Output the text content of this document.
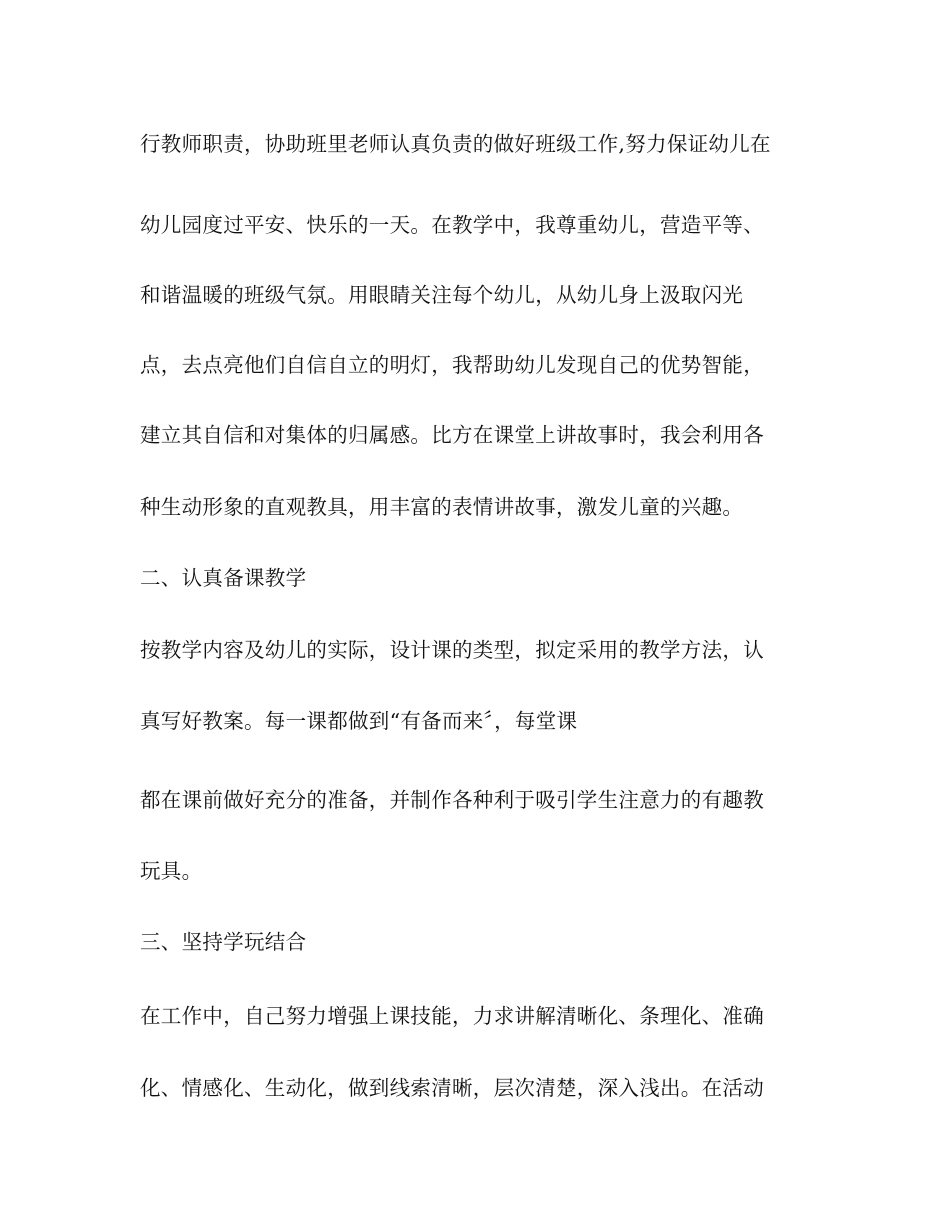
行教师职责，协助班里老师认真负责的做好班级工作,努力保证幼儿在
幼儿园度过平安、快乐的一天。在教学中，我尊重幼儿，营造平等、
和谐温暖的班级气氛。用眼睛关注每个幼儿，从幼儿身上汲取闪光
点，去点亮他们自信自立的明灯，我帮助幼儿发现自己的优势智能，
建立其自信和对集体的归属感。比方在课堂上讲故事时，我会利用各
种生动形象的直观教具，用丰富的表情讲故事，激发儿童的兴趣。
二、认真备课教学
按教学内容及幼儿的实际，设计课的类型，拟定采用的教学方法，认
真写好教案。每一课都做到“有备而来〞，每堂课
都在课前做好充分的准备，并制作各种利于吸引学生注意力的有趣教
玩具。
三、坚持学玩结合
在工作中，自己努力增强上课技能，力求讲解清晰化、条理化、准确
化、情感化、生动化，做到线索清晰，层次清楚，深入浅出。在活动
